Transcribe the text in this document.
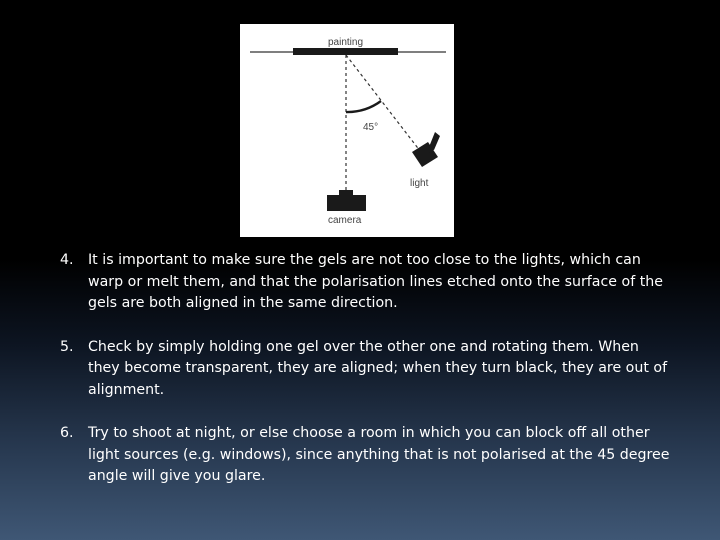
painting
45°
light
camera

4. It is important to make sure the gels are not too close to the lights, which can warp or melt them, and that the polarisation lines etched onto the surface of the gels are both aligned in the same direction.

5. Check by simply holding one gel over the other one and rotating them. When they become transparent, they are aligned; when they turn black, they are out of alignment.

6. Try to shoot at night, or else choose a room in which you can block off all other light sources (e.g. windows), since anything that is not polarised at the 45 degree angle will give you glare.
